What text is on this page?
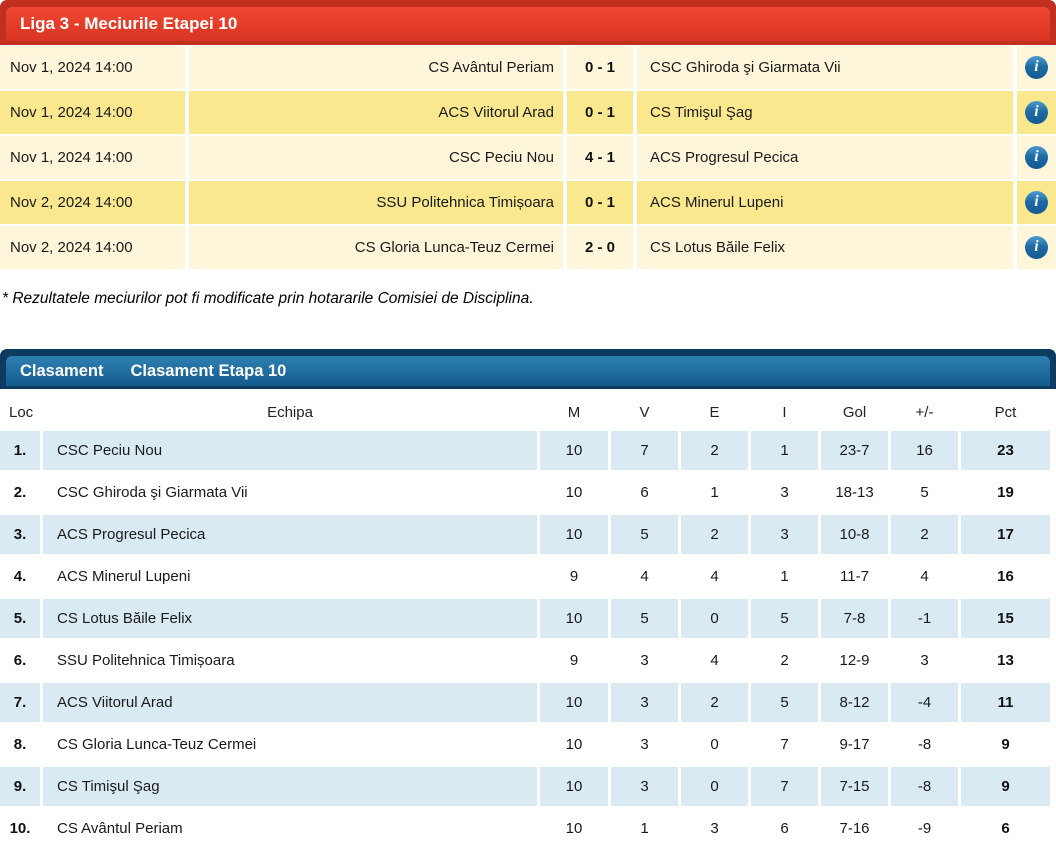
Liga 3 - Meciurile Etapei 10
Nov 1, 2024 14:00	CS Avântul Periam	0 - 1	CSC Ghiroda şi Giarmata Vii	i
Nov 1, 2024 14:00	ACS Viitorul Arad	0 - 1	CS Timişul Şag	i
Nov 1, 2024 14:00	CSC Peciu Nou	4 - 1	ACS Progresul Pecica	i
Nov 2, 2024 14:00	SSU Politehnica Timișoara	0 - 1	ACS Minerul Lupeni	i
Nov 2, 2024 14:00	CS Gloria Lunca-Teuz Cermei	2 - 0	CS Lotus Băile Felix	i
* Rezultatele meciurilor pot fi modificate prin hotararile Comisiei de Disciplina.
Clasament Clasament Etapa 10
Loc	Echipa	M	V	E	I	Gol	+/-	Pct
1.	CSC Peciu Nou	10	7	2	1	23-7	16	23
2.	CSC Ghiroda şi Giarmata Vii	10	6	1	3	18-13	5	19
3.	ACS Progresul Pecica	10	5	2	3	10-8	2	17
4.	ACS Minerul Lupeni	9	4	4	1	11-7	4	16
5.	CS Lotus Băile Felix	10	5	0	5	7-8	-1	15
6.	SSU Politehnica Timișoara	9	3	4	2	12-9	3	13
7.	ACS Viitorul Arad	10	3	2	5	8-12	-4	11
8.	CS Gloria Lunca-Teuz Cermei	10	3	0	7	9-17	-8	9
9.	CS Timişul Şag	10	3	0	7	7-15	-8	9
10.	CS Avântul Periam	10	1	3	6	7-16	-9	6
